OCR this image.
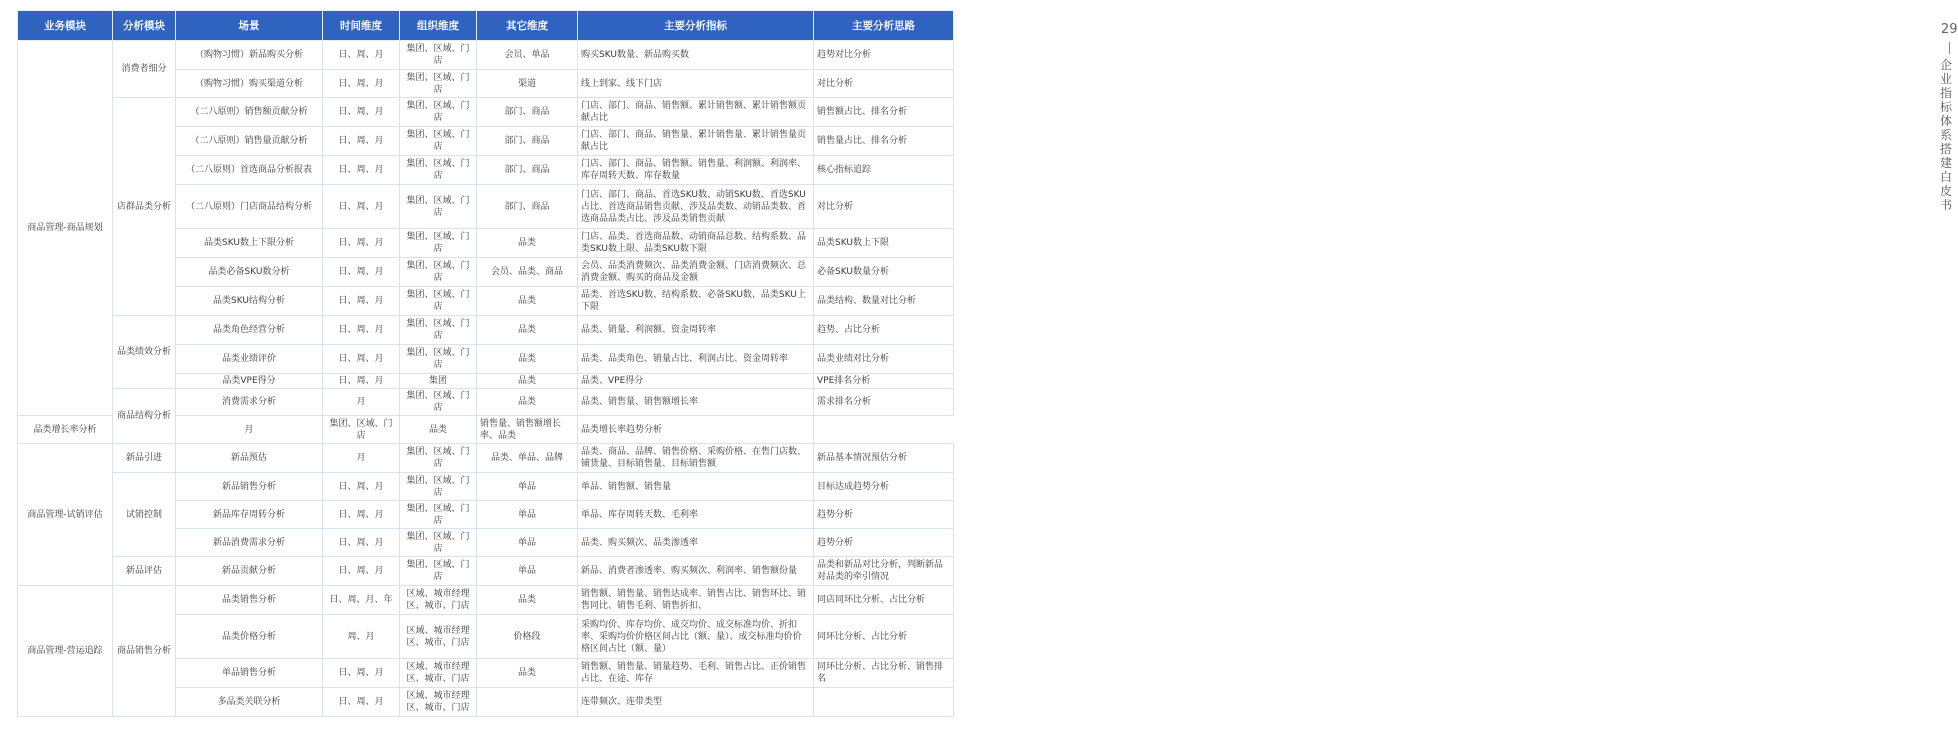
业务模块	分析模块	场景	时间维度	组织维度	其它维度	主要分析指标	主要分析思路
商品管理-商品规划	消费者细分	（购物习惯）新品购买分析	日、周、月	集团、区域、门店	会员、单品	购买SKU数量、新品购买数	趋势对比分析
		（购物习惯）购买渠道分析	日、周、月	集团、区域、门店	渠道	线上到家、线下门店	对比分析
	店群品类分析	（二八原则）销售额贡献分析	日、周、月	集团、区域、门店	部门、商品	门店、部门、商品、销售额、累计销售额、累计销售额贡献占比	销售额占比、排名分析
		（二八原则）销售量贡献分析	日、周、月	集团、区域、门店	部门、商品	门店、部门、商品、销售量、累计销售量、累计销售量贡献占比	销售量占比、排名分析
		（二八原则）首选商品分析报表	日、周、月	集团、区域、门店	部门、商品	门店、部门、商品、销售额、销售量、利润额、利润率、库存周转天数、库存数量	核心指标追踪
		（二八原则）门店商品结构分析	日、周、月	集团、区域、门店	部门、商品	门店、部门、商品、首选SKU数、动销SKU数、首选SKU占比、首选商品销售贡献、涉及品类数、动销品类数、首选商品品类占比、涉及品类销售贡献	对比分析
		品类SKU数上下限分析	日、周、月	集团、区域、门店	品类	门店、品类、首选商品数、动销商品总数、结构系数、品类SKU数上限、品类SKU数下限	品类SKU数上下限
		品类必备SKU数分析	日、周、月	集团、区域、门店	会员、品类、商品	会员、品类消费频次、品类消费金额、门店消费频次、总消费金额、购买的商品及金额	必备SKU数量分析
		品类SKU结构分析	日、周、月	集团、区域、门店	品类	品类、首选SKU数、结构系数、必备SKU数、品类SKU上下限	品类结构、数量对比分析
	品类绩效分析	品类角色经营分析	日、周、月	集团、区域、门店	品类	品类、销量、利润额、资金周转率	趋势、占比分析
		品类业绩评价	日、周、月	集团、区域、门店	品类	品类、品类角色、销量占比、利润占比、资金周转率	品类业绩对比分析
		品类VPE得分	日、周、月	集团	品类	品类、VPE得分	VPE排名分析
	商品结构分析	消费需求分析	月	集团、区域、门店	品类	品类、销售量、销售额增长率	需求排名分析
品类增长率分析		月	集团、区域、门店	品类	销售量、销售额增长率、品类	品类增长率趋势分析	
商品管理-试销评估	新品引进	新品预估	月	集团、区域、门店	品类、单品、品牌	品类、商品、品牌、销售价格、采购价格、在售门店数、铺货量、目标销售量、目标销售额	新品基本情况预估分析
	试销控制	新品销售分析	日、周、月	集团、区域、门店	单品	单品、销售额、销售量	目标达成趋势分析
		新品库存周转分析	日、周、月	集团、区域、门店	单品	单品、库存周转天数、毛利率	趋势分析
		新品消费需求分析	日、周、月	集团、区域、门店	单品	品类、购买频次、品类渗透率	趋势分析
	新品评估	新品贡献分析	日、周、月	集团、区域、门店	单品	新品、消费者渗透率、购买频次、利润率、销售额份量	品类和新品对比分析，判断新品对品类的牵引情况
商品管理-营运追踪	商品销售分析	品类销售分析	日、周、月、年	区域、城市经理区、城市、门店	品类	销售额、销售量、销售达成率、销售占比、销售环比、销售同比、销售毛利、销售折扣、	同店同环比分析、占比分析
		品类价格分析	周、月	区域、城市经理区、城市、门店	价格段	采购均价、库存均价、成交均价、成交标准均价、折扣率、采购均价价格区间占比（额、量）、成交标准均价价格区间占比（额、量）	同环比分析、占比分析
		单品销售分析	日、周、月	区域、城市经理区、城市、门店	品类	销售额、销售量、销量趋势、毛利、销售占比、正价销售占比、在途、库存	同环比分析、占比分析、销售排名
		多品类关联分析	日、周、月	区域、城市经理区、城市、门店		连带频次、连带类型	
29
企业指标体系搭建白皮书
